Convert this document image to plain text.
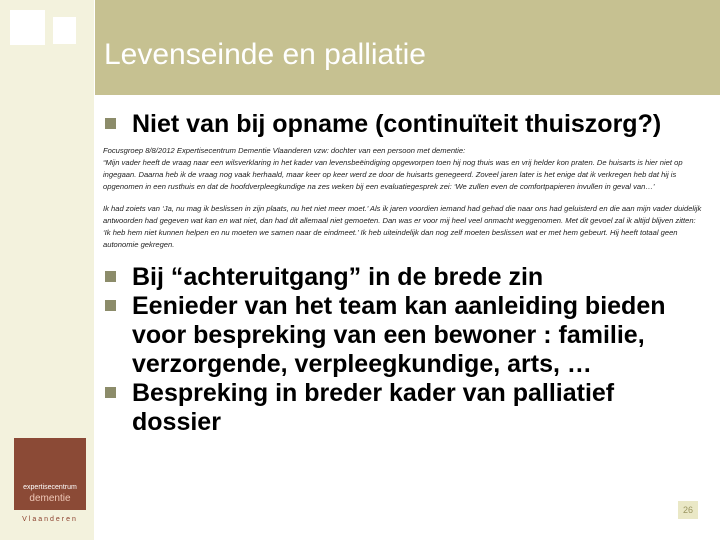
Levenseinde en palliatie
Niet van bij opname (continuïteit thuiszorg?)

Focusgroep 8/8/2012 Expertisecentrum Dementie Vlaanderen vzw: dochter van een persoon met dementie:

“Mijn vader heeft de vraag naar een wilsverklaring in het kader van levensbeëindiging opgeworpen toen hij nog thuis was en vrij helder kon praten. De huisarts is hier niet op ingegaan. Daarna heb ik de vraag nog vaak herhaald, maar keer op keer werd ze door de huisarts genegeerd. Zoveel jaren later is het enige dat ik verkregen heb dat hij is opgenomen in een rusthuis en dat de hoofdverpleegkundige na zes weken bij een evaluatiegesprek zei: ‘We zullen even de comfortpapieren invullen in geval van…’

Ik had zoiets van ‘Ja, nu mag ik beslissen in zijn plaats, nu het niet meer moet.’ Als ik jaren voordien iemand had gehad die naar ons had geluisterd en die aan mijn vader duidelijk antwoorden had gegeven wat kan en wat niet, dan had dit allemaal niet gemoeten. Dan was er voor mij heel veel onmacht weggenomen. Met dit gevoel zal ik altijd blijven zitten: ‘Ik heb hem niet kunnen helpen en nu moeten we samen naar de eindmeet.’ Ik heb uiteindelijk dan nog zelf moeten beslissen wat er met hem gebeurt. Hij heeft totaal geen autonomie gekregen.

Bij “achteruitgang” in de brede zin
Eenieder van het team kan aanleiding bieden voor bespreking van een bewoner : familie, verzorgende, verpleegkundige, arts, …
Bespreking in breder kader van palliatief dossier
expertisecentrum
dementie
Vlaanderen
26
